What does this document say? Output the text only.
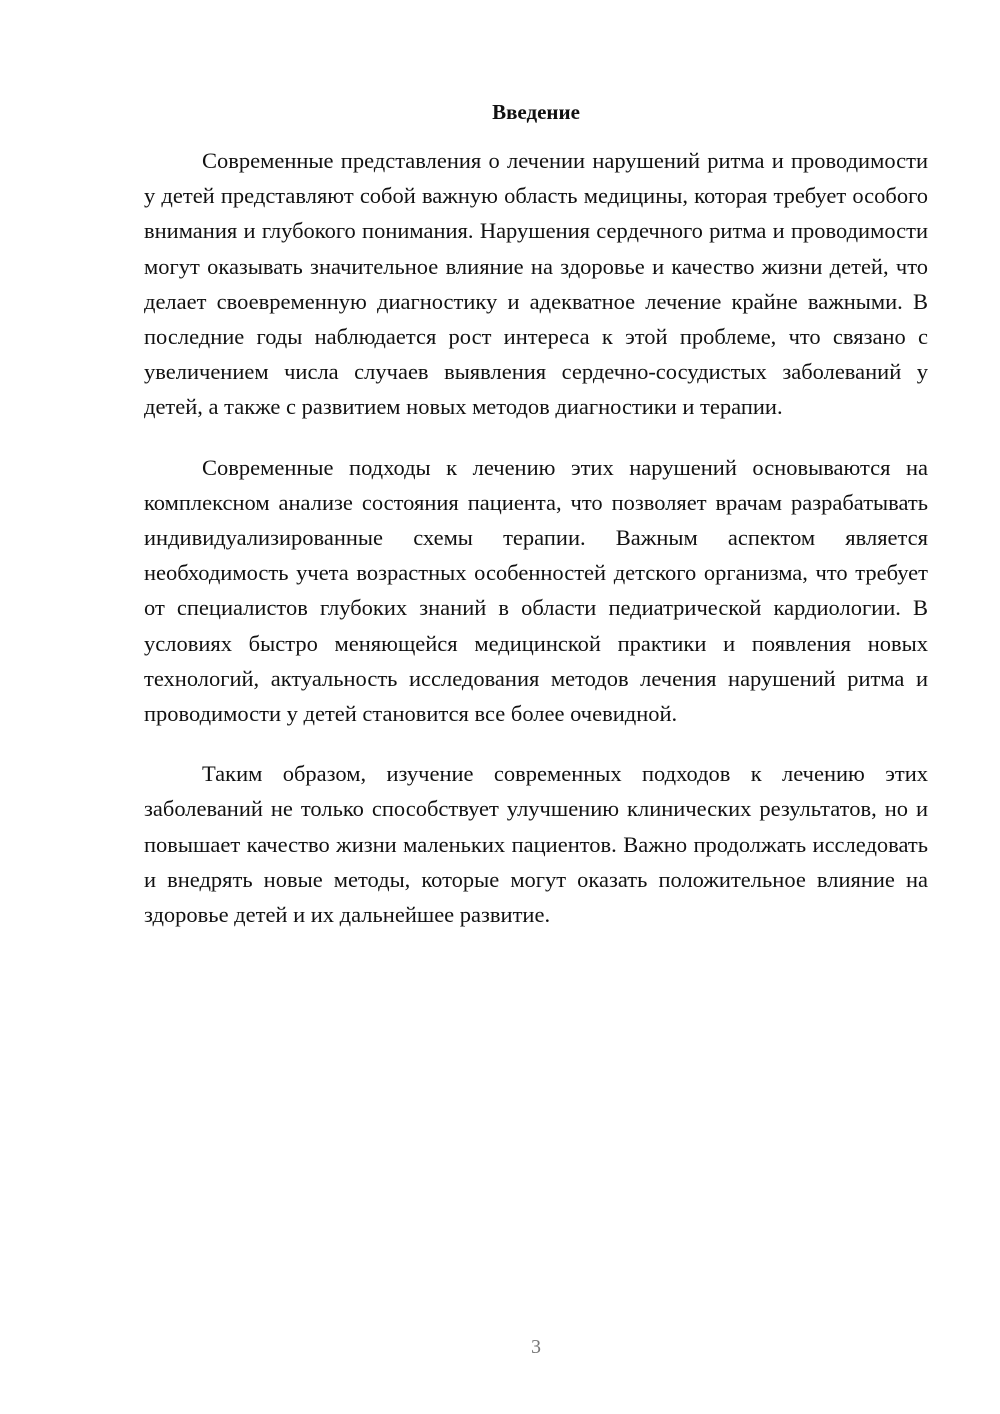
Введение

Современные представления о лечении нарушений ритма и проводимости у детей представляют собой важную область медицины, которая требует особого внимания и глубокого понимания. Нарушения сердечного ритма и проводимости могут оказывать значительное влияние на здоровье и качество жизни детей, что делает своевременную диагностику и адекватное лечение крайне важными. В последние годы наблюдается рост интереса к этой проблеме, что связано с увеличением числа случаев выявления сердечно-сосудистых заболеваний у детей, а также с развитием новых методов диагностики и терапии.

Современные подходы к лечению этих нарушений основываются на комплексном анализе состояния пациента, что позволяет врачам разрабатывать индивидуализированные схемы терапии. Важным аспектом является необходимость учета возрастных особенностей детского организма, что требует от специалистов глубоких знаний в области педиатрической кардиологии. В условиях быстро меняющейся медицинской практики и появления новых технологий, актуальность исследования методов лечения нарушений ритма и проводимости у детей становится все более очевидной.

Таким образом, изучение современных подходов к лечению этих заболеваний не только способствует улучшению клинических результатов, но и повышает качество жизни маленьких пациентов. Важно продолжать исследовать и внедрять новые методы, которые могут оказать положительное влияние на здоровье детей и их дальнейшее развитие.

3
